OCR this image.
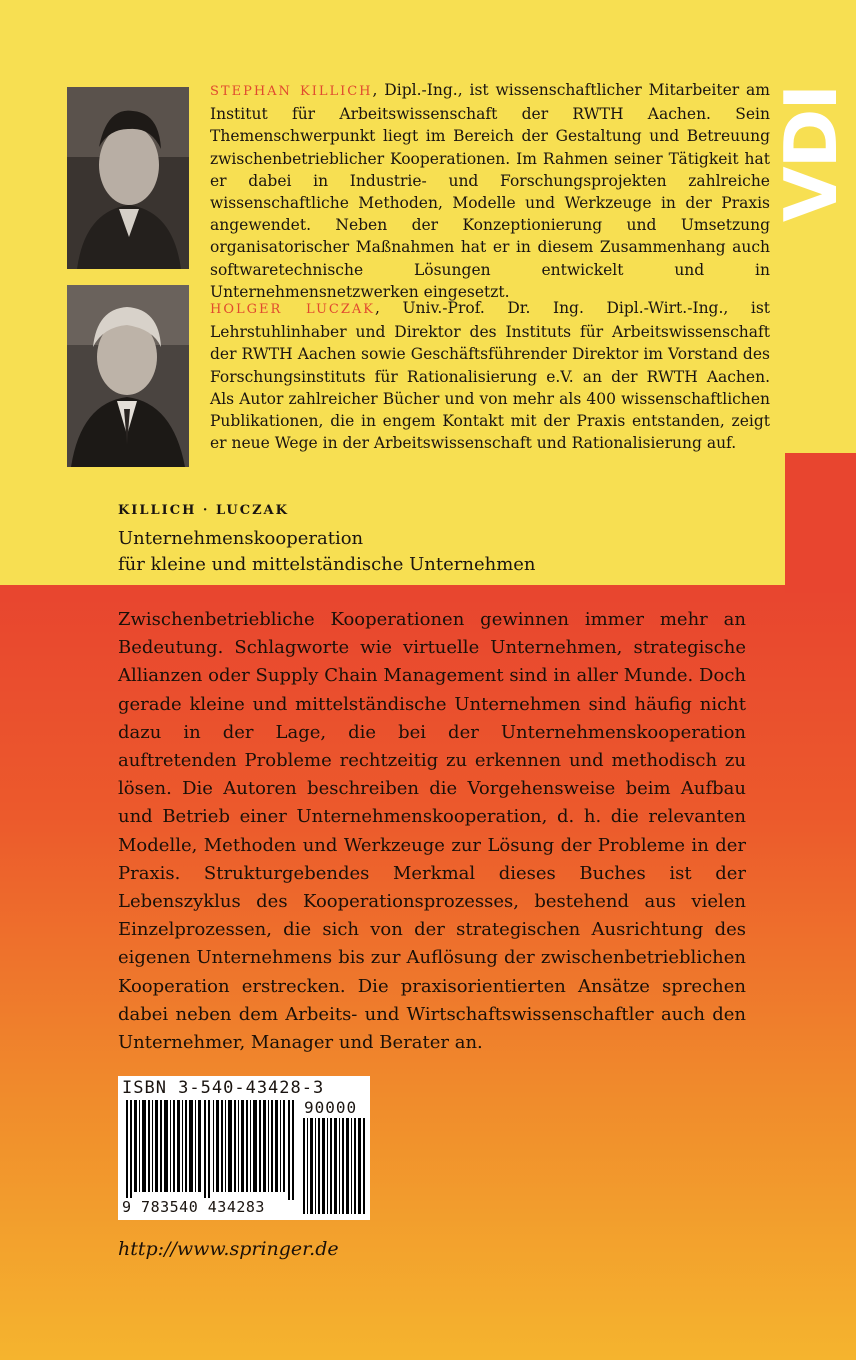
VDI

STEPHAN KILLICH, Dipl.-Ing., ist wissenschaftlicher Mitarbeiter am Institut für Arbeitswissenschaft der RWTH Aachen. Sein Themenschwerpunkt liegt im Bereich der Gestaltung und Betreuung zwischenbetrieblicher Kooperationen. Im Rahmen seiner Tätigkeit hat er dabei in Industrie- und Forschungsprojekten zahlreiche wissenschaftliche Methoden, Modelle und Werkzeuge in der Praxis angewendet. Neben der Konzeptionierung und Umsetzung organisatorischer Maßnahmen hat er in diesem Zusammenhang auch softwaretechnische Lösungen entwickelt und in Unternehmensnetzwerken eingesetzt.

HOLGER LUCZAK, Univ.-Prof. Dr. Ing. Dipl.-Wirt.-Ing., ist Lehrstuhlinhaber und Direktor des Instituts für Arbeitswissenschaft der RWTH Aachen sowie Geschäftsführender Direktor im Vorstand des Forschungsinstituts für Rationalisierung e.V. an der RWTH Aachen. Als Autor zahlreicher Bücher und von mehr als 400 wissenschaftlichen Publikationen, die in engem Kontakt mit der Praxis entstanden, zeigt er neue Wege in der Arbeitswissenschaft und Rationalisierung auf.

KILLICH · LUCZAK
Unternehmenskooperation
für kleine und mittelständische Unternehmen

Zwischenbetriebliche Kooperationen gewinnen immer mehr an Bedeutung. Schlagworte wie virtuelle Unternehmen, strategische Allianzen oder Supply Chain Management sind in aller Munde. Doch gerade kleine und mittelständische Unternehmen sind häufig nicht dazu in der Lage, die bei der Unternehmenskooperation auftretenden Probleme rechtzeitig zu erkennen und methodisch zu lösen. Die Autoren beschreiben die Vorgehensweise beim Aufbau und Betrieb einer Unternehmenskooperation, d. h. die relevanten Modelle, Methoden und Werkzeuge zur Lösung der Probleme in der Praxis. Strukturgebendes Merkmal dieses Buches ist der Lebenszyklus des Kooperationsprozesses, bestehend aus vielen Einzelprozessen, die sich von der strategischen Ausrichtung des eigenen Unternehmens bis zur Auflösung der zwischenbetrieblichen Kooperation erstrecken. Die praxisorientierten Ansätze sprechen dabei neben dem Arbeits- und Wirtschaftswissenschaftler auch den Unternehmer, Manager und Berater an.

ISBN 3-540-43428-3
90000
9 783540 434283
http://www.springer.de
